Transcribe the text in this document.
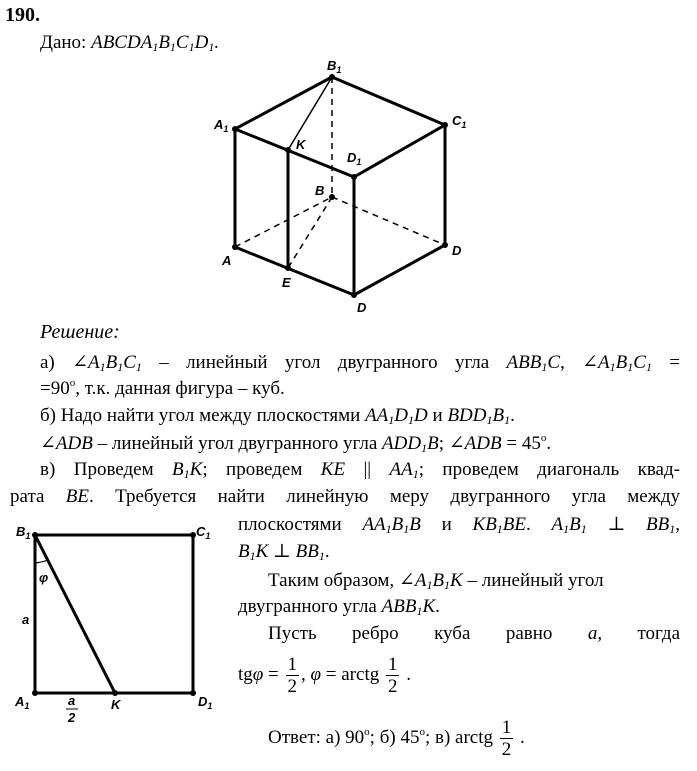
190.
Дано: $ABCDA_1B_1C_1D_1$.
$B_1$
$A_1$
$C_1$
$D_1$
K
B
A
E
D
D
Решение:
а) $\angle A_1B_1C_1$ – линейный угол двугранного угла $ABB_1C$, $\angle A_1B_1C_1$ =
$=90^o$, т.к. данная фигура – куб.
б) Надо найти угол между плоскостями $AA_1D_1D$ и $BDD_1B_1$.
∠ADB – линейный угол двугранного угла $ADD_1B$; ∠ADB = $45^o$.
в) Проведем $B_1K$; проведем KE || $AA_1$; проведем диагональ квад-
рата BE. Требуется найти линейную меру двугранного угла между
плоскостями $AA_1B_1B$ и $KB_1BE$. $A_1B_1$ ⊥ $BB_1$,
$B_1K$ ⊥ $BB_1$.
Таким образом, $\angle A_1B_1K$ – линейный угол
двугранного угла $ABB_1K$.
Пусть ребро куба равно a, тогда
$tg\varphi = \frac{1}{2}$ , φ = arctg $\frac{1}{2}$ .
Ответ: а) 90$^o$; б) 45$^o$; в) arctg $\frac{1}{2}$ .
$B_1$	$C_1$
$A_1$	$D_1$
K
φ
a
a
2
